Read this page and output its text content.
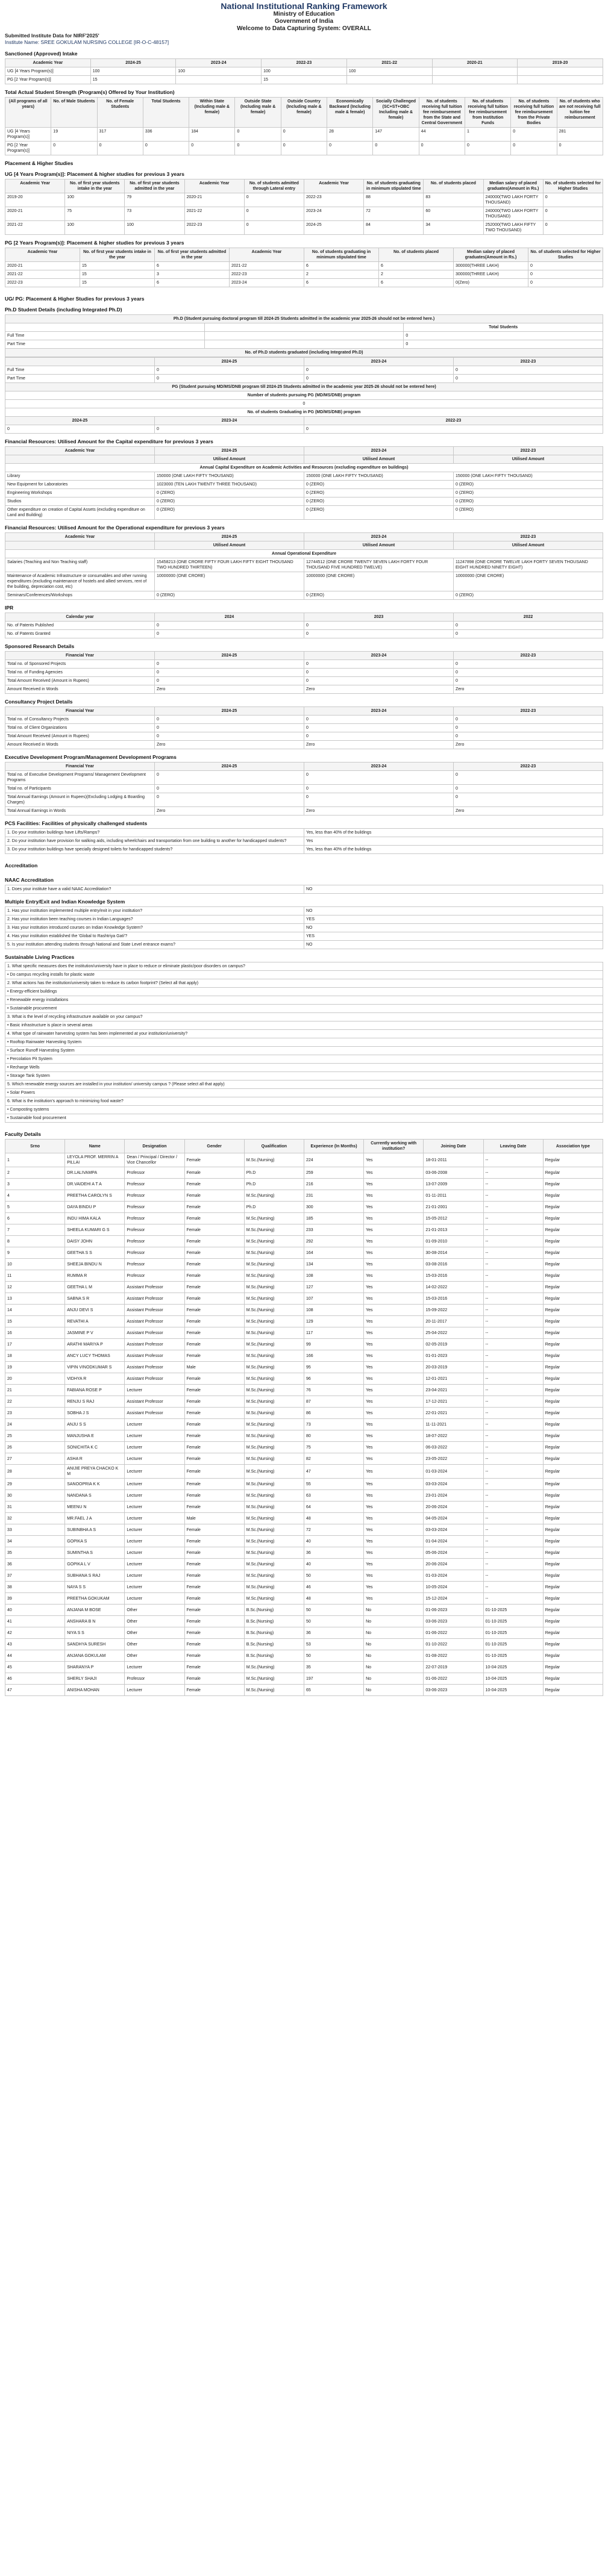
National Institutional Ranking Framework
Ministry of Education
Government of India
Welcome to Data Capturing System: OVERALL
Submitted Institute Data for NIRF'2025'
Institute Name: SREE GOKULAM NURSING COLLEGE [IR-O-C-48157]
Sanctioned (Approved) Intake
Academic Year	2024-25	2023-24	2022-23	2021-22	2020-21	2019-20
UG [4 Years Program(s)]	100	100	100	100		
PG [2 Year Program(s)]	15		15			
Total Actual Student Strength (Program(s) Offered by Your Institution)
(All programs of all years)	No. of Male Students	No. of Female Students	Total Students	Within State (Including male & female)	Outside State (Including male & female)	Outside Country (Including male & female)	Economically Backward (Including male & female)	Socially Challenged (SC+ST+OBC Including male & female)	No. of students receiving full tuition fee reimbursement from the State and Central Government	No. of students receiving full tuition fee reimbursement from Institution Funds	No. of students receiving full tuition fee reimbursement from the Private Bodies	No. of students who are not receiving full tuition fee reimbursement
UG [4 Years Program(s)]	19	317	336	184	0	0	28	147	44	1	0	281
PG [2 Year Program(s)]	0	0	0	0	0	0	0	0	0	0	0	0
Placement & Higher Studies
UG [4 Years Program(s)]: Placement & higher studies for previous 3 years
Academic Year	No. of first year students intake in the year	No. of first year students admitted in the year	Academic Year	No. of students admitted through Lateral entry	Academic Year	No. of students graduating in minimum stipulated time	No. of students placed	Median salary of placed graduates(Amount in Rs.)	No. of students selected for Higher Studies
2019-20	100	79	2020-21	0	2022-23	88	83	240000(TWO LAKH FORTY THOUSAND)	0
2020-21	75	73	2021-22	0	2023-24	72	60	240000(TWO LAKH FORTY THOUSAND)	0
2021-22	100	100	2022-23	0	2024-25	84	34	252000(TWO LAKH FIFTY TWO THOUSAND)	0
PG [2 Years Program(s)]: Placement & higher studies for previous 3 years
Academic Year	No. of first year students intake in the year	No. of first year students admitted in the year	Academic Year	No. of students graduating in minimum stipulated time	No. of students placed	Median salary of placed graduates(Amount in Rs.)	No. of students selected for Higher Studies
2020-21	15	6	2021-22	6	6	300000(THREE LAKH)	0
2021-22	15	3	2022-23	2	2	300000(THREE LAKH)	0
2022-23	15	6	2023-24	6	6	0(Zero)	0
UG/ PG: Placement & Higher Studies for previous 3 years
Ph.D Student Details (including Integrated Ph.D)
Ph.D (Student pursuing doctoral program till 2024-25 Students admitted in the academic year 2025-26 should not be entered here.)		
		Total Students
Full Time		0
Part Time		0
No. of Ph.D students graduated (including Integrated Ph.D)		
	2024-25	2023-24	2022-23
Full Time	0	0	0
Part Time	0	0	0
PG (Student pursuing MD/MS/DNB program till 2024-25 Students admitted in the academic year 2025-26 should not be entered here)			
Number of students pursuing PG (MD/MS/DNB) program			
0			
No. of students Graduating in PG (MD/MS/DNB) program			
2024-25	2023-24	2022-23	
0	0	0	
Financial Resources: Utilised Amount for the Capital expenditure for previous 3 years
Academic Year	2024-25	2023-24	2022-23
	Utilised Amount	Utilised Amount	Utilised Amount
Annual Capital Expenditure on Academic Activities and Resources (excluding expenditure on buildings)			
Library	150000 (ONE LAKH FIFTY THOUSAND)	150000 (ONE LAKH FIFTY THOUSAND)	150000 (ONE LAKH FIFTY THOUSAND)
New Equipment for Laboratories	1023000 (TEN LAKH TWENTY THREE THOUSAND)	0 (ZERO)	0 (ZERO)
Engineering Workshops	0 (ZERO)	0 (ZERO)	0 (ZERO)
Studios	0 (ZERO)	0 (ZERO)	0 (ZERO)
Other expenditure on creation of Capital Assets (excluding expenditure on Land and Building)	0 (ZERO)	0 (ZERO)	0 (ZERO)
Financial Resources: Utilised Amount for the Operational expenditure for previous 3 years
Academic Year	2024-25	2023-24	2022-23
	Utilised Amount	Utilised Amount	Utilised Amount
Annual Operational Expenditure			
Salaries (Teaching and Non Teaching staff)	15458213 (ONE CRORE FIFTY FOUR LAKH FIFTY EIGHT THOUSAND TWO HUNDRED THIRTEEN)	12744512 (ONE CRORE TWENTY SEVEN LAKH FORTY FOUR THOUSAND FIVE HUNDRED TWELVE)	11247898 (ONE CRORE TWELVE LAKH FORTY SEVEN THOUSAND EIGHT HUNDRED NINETY EIGHT)
Maintenance of Academic Infrastructure or consumables and other running expenditures (excluding maintenance of hostels and allied services, rent of the building, depreciation cost, etc)	10000000 (ONE CRORE)	10000000 (ONE CRORE)	10000000 (ONE CRORE)
Seminars/Conferences/Workshops	0 (ZERO)	0 (ZERO)	0 (ZERO)
IPR
Calendar year	2024	2023	2022
No. of Patents Published	0	0	0
No. of Patents Granted	0	0	0
Sponsored Research Details
Financial Year	2024-25	2023-24	2022-23
Total no. of Sponsored Projects	0	0	0
Total no. of Funding Agencies	0	0	0
Total Amount Received (Amount in Rupees)	0	0	0
Amount Received in Words	Zero	Zero	Zero
Consultancy Project Details
Financial Year	2024-25	2023-24	2022-23
Total no. of Consultancy Projects	0	0	0
Total no. of Client Organizations	0	0	0
Total Amount Received (Amount in Rupees)	0	0	0
Amount Received in Words	Zero	Zero	Zero
Executive Development Program/Management Development Programs
Financial Year	2024-25	2023-24	2022-23
Total no. of Executive Development Programs/ Management Development Programs	0	0	0
Total no. of Participants	0	0	0
Total Annual Earnings (Amount in Rupees)(Excluding Lodging & Boarding Charges)	0	0	0
Total Annual Earnings in Words	Zero	Zero	Zero
PCS Facilities: Facilities of physically challenged students
1. Do your institution buildings have Lifts/Ramps?	Yes, less than 40% of the buildings
2. Do your institution have provision for walking aids, including wheelchairs and transportation from one building to another for handicapped students?	Yes
3. Do your institution buildings have specially designed toilets for handicapped students?	Yes, less than 40% of the buildings
Accreditation
NAAC Accreditation
1. Does your institute have a valid NAAC Accreditation?	NO
Multiple Entry/Exit and Indian Knowledge System
1. Has your institution implemented multiple entry/exit in your institution?	NO
2. Has your institution been teaching courses in Indian Languages?	YES
3. Has your institution introduced courses on Indian Knowledge System?	NO
4. Has your institution established the 'Global to Rashtriya Gati'?	YES
5. Is your institution attending students through National and State Level entrance exams?	NO
Sustainable Living Practices
1. What specific measures does the institution/university have in place to reduce or eliminate plastic/poor disorders on campus?
• Do campus recycling installs for plastic waste
2. What actions has the institution/university taken to reduce its carbon footprint? (Select all that apply)
• Energy-efficient buildings
• Renewable energy installations
• Sustainable procurement
3. What is the level of recycling infrastructure available on your campus?
• Basic infrastructure is place in several areas
4. What type of rainwater harvesting system has been implemented at your institution/university?
• Rooftop Rainwater Harvesting System
• Surface Runoff Harvesting System
• Percolation Pit System
• Recharge Wells
• Storage Tank System
5. Which renewable energy sources are installed in your institution/ university campus ? (Please select all that apply)
• Solar Powers
6. What is the institution's approach to minimizing food waste?
• Composting systems
• Sustainable food procurement
Faculty Details
Srno	Name	Designation	Gender	Qualification	Experience (In Months)	Currently working with institution?	Joining Date	Leaving Date	Association type
1	LEYOLA PROF. MERRIN A PILLAI	Dean / Principal / Director / Vice Chancellor	Female	M.Sc.(Nursing)	224	Yes	18-01-2011	--	Regular
2	DR.LALIVAMPA	Professor	Female	Ph.D	259	Yes	03-06-2008	--	Regular
3	DR.VAIDEHI A T A	Professor	Female	Ph.D	216	Yes	13-07-2009	--	Regular
4	PREETHA CAROLYN S	Professor	Female	M.Sc.(Nursing)	231	Yes	01-11-2011	--	Regular
5	DAYA BINDU P	Professor	Female	Ph.D	300	Yes	21-01-2001	--	Regular
6	INDU HIMA KALA	Professor	Female	M.Sc.(Nursing)	185	Yes	15-05-2012	--	Regular
7	SHEELA KUMARI G S	Professor	Female	M.Sc.(Nursing)	233	Yes	21-01-2013	--	Regular
8	DAISY JOHN	Professor	Female	M.Sc.(Nursing)	292	Yes	01-09-2010	--	Regular
9	GEETHA S S	Professor	Female	M.Sc.(Nursing)	164	Yes	30-08-2014	--	Regular
10	SHEEJA BINDU N	Professor	Female	M.Sc.(Nursing)	134	Yes	03-08-2016	--	Regular
11	RUMMA R	Professor	Female	M.Sc.(Nursing)	108	Yes	15-03-2016	--	Regular
12	GEETHA L M	Assistant Professor	Female	M.Sc.(Nursing)	127	Yes	14-02-2022	--	Regular
13	SABNA S R	Assistant Professor	Female	M.Sc.(Nursing)	107	Yes	15-03-2016	--	Regular
14	ANJU DEVI S	Assistant Professor	Female	M.Sc.(Nursing)	108	Yes	15-09-2022	--	Regular
15	REVATHI A	Assistant Professor	Female	M.Sc.(Nursing)	129	Yes	20-11-2017	--	Regular
16	JASMINE P V	Assistant Professor	Female	M.Sc.(Nursing)	117	Yes	25-04-2022	--	Regular
17	ARATHI MARIYA P	Assistant Professor	Female	M.Sc.(Nursing)	99	Yes	02-05-2019	--	Regular
18	ANCY LUCY THOMAS	Assistant Professor	Female	M.Sc.(Nursing)	166	Yes	01-01-2023	--	Regular
19	VIPIN VINODKUMAR S	Assistant Professor	Male	M.Sc.(Nursing)	95	Yes	20-03-2019	--	Regular
20	VIDHYA R	Assistant Professor	Female	M.Sc.(Nursing)	96	Yes	12-01-2021	--	Regular
21	FABIANA ROSE P	Lecturer	Female	M.Sc.(Nursing)	76	Yes	23-04-2021	--	Regular
22	RENJU S RAJ	Assistant Professor	Female	M.Sc.(Nursing)	87	Yes	17-12-2021	--	Regular
23	SOBHA J S	Assistant Professor	Female	M.Sc.(Nursing)	86	Yes	22-01-2021	--	Regular
24	ANJU S S	Lecturer	Female	M.Sc.(Nursing)	73	Yes	11-11-2021	--	Regular
25	MANJUSHA E	Lecturer	Female	M.Sc.(Nursing)	80	Yes	18-07-2022	--	Regular
26	SONICHITA K C	Lecturer	Female	M.Sc.(Nursing)	75	Yes	06-03-2022	--	Regular
27	ASHA R	Lecturer	Female	M.Sc.(Nursing)	82	Yes	23-05-2022	--	Regular
28	ANIJIE PREYA CHACKO K M	Lecturer	Female	M.Sc.(Nursing)	47	Yes	01-03-2024	--	Regular
29	SANOOPRIA K K	Lecturer	Female	M.Sc.(Nursing)	55	Yes	03-03-2024	--	Regular
30	NANDANA S	Lecturer	Female	M.Sc.(Nursing)	63	Yes	23-01-2024	--	Regular
31	MEENU N	Lecturer	Female	M.Sc.(Nursing)	64	Yes	20-06-2024	--	Regular
32	MR.FAEL J A	Lecturer	Male	M.Sc.(Nursing)	48	Yes	04-05-2024	--	Regular
33	SUBINBHA A S	Lecturer	Female	M.Sc.(Nursing)	72	Yes	03-03-2024	--	Regular
34	GOPIKA S	Lecturer	Female	M.Sc.(Nursing)	40	Yes	01-04-2024	--	Regular
35	SUMINTHA S	Lecturer	Female	M.Sc.(Nursing)	36	Yes	05-06-2024	--	Regular
36	GOPIKA L V	Lecturer	Female	M.Sc.(Nursing)	40	Yes	20-06-2024	--	Regular
37	SUBHANA S RAJ	Lecturer	Female	M.Sc.(Nursing)	50	Yes	01-03-2024	--	Regular
38	NAYA S S	Lecturer	Female	M.Sc.(Nursing)	46	Yes	10-05-2024	--	Regular
39	PREETHA GOKUKAM	Lecturer	Female	M.Sc.(Nursing)	48	Yes	15-12-2024	--	Regular
40	ANJANA M BOSE	Other	Female	B.Sc.(Nursing)	50	No	01-06-2023	01-10-2025	Regular
41	ANSHARA B N	Other	Female	B.Sc.(Nursing)	50	No	03-06-2023	01-10-2025	Regular
42	NIYA S S	Other	Female	B.Sc.(Nursing)	36	No	01-06-2022	01-10-2025	Regular
43	SANDHYA SURESH	Other	Female	B.Sc.(Nursing)	53	No	01-10-2022	01-10-2025	Regular
44	ANJANA GOKULAM	Other	Female	B.Sc.(Nursing)	50	No	01-08-2022	01-10-2025	Regular
45	SHARANYA P	Lecturer	Female	M.Sc.(Nursing)	35	No	22-07-2019	10-04-2025	Regular
46	SHERLY SHAJI	Professor	Female	M.Sc.(Nursing)	197	No	01-06-2022	10-04-2025	Regular
47	ANISHA MOHAN	Lecturer	Female	M.Sc.(Nursing)	65	No	03-06-2023	10-04-2025	Regular
